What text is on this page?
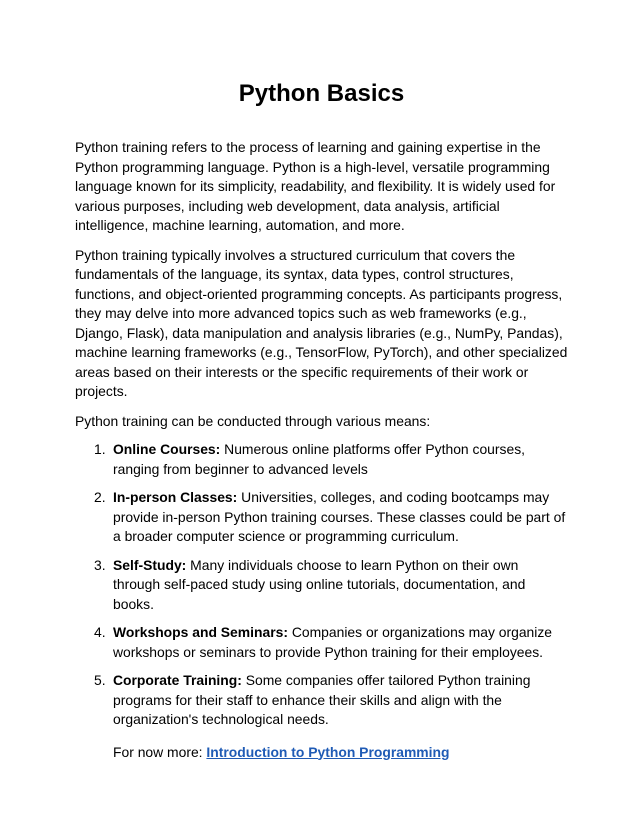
Python Basics

Python training refers to the process of learning and gaining expertise in the Python programming language. Python is a high-level, versatile programming language known for its simplicity, readability, and flexibility. It is widely used for various purposes, including web development, data analysis, artificial intelligence, machine learning, automation, and more.

Python training typically involves a structured curriculum that covers the fundamentals of the language, its syntax, data types, control structures, functions, and object-oriented programming concepts. As participants progress, they may delve into more advanced topics such as web frameworks (e.g., Django, Flask), data manipulation and analysis libraries (e.g., NumPy, Pandas), machine learning frameworks (e.g., TensorFlow, PyTorch), and other specialized areas based on their interests or the specific requirements of their work or projects.

Python training can be conducted through various means:

1. Online Courses: Numerous online platforms offer Python courses, ranging from beginner to advanced levels
2. In-person Classes: Universities, colleges, and coding bootcamps may provide in-person Python training courses. These classes could be part of a broader computer science or programming curriculum.
3. Self-Study: Many individuals choose to learn Python on their own through self-paced study using online tutorials, documentation, and books.
4. Workshops and Seminars: Companies or organizations may organize workshops or seminars to provide Python training for their employees.
5. Corporate Training: Some companies offer tailored Python training programs for their staff to enhance their skills and align with the organization's technological needs.

For now more: Introduction to Python Programming
